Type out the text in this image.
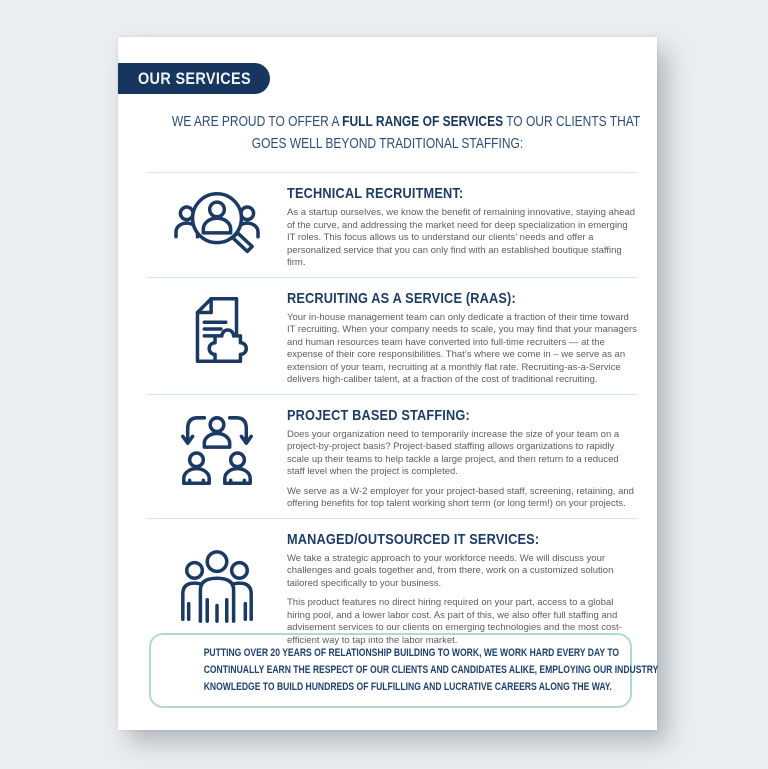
OUR SERVICES
WE ARE PROUD TO OFFER A FULL RANGE OF SERVICES TO OUR CLIENTS THAT
GOES WELL BEYOND TRADITIONAL STAFFING:
TECHNICAL RECRUITMENT:

As a startup ourselves, we know the benefit of remaining innovative, staying ahead of the curve, and addressing the market need for deep specialization in emerging IT roles. This focus allows us to understand our clients’ needs and offer a personalized service that you can only find with an established boutique staffing firm.

RECRUITING AS A SERVICE (RAAS):

Your in-house management team can only dedicate a fraction of their time toward IT recruiting. When your company needs to scale, you may find that your managers and human resources team have converted into full-time recruiters — at the expense of their core responsibilities. That’s where we come in – we serve as an extension of your team, recruiting at a monthly flat rate. Recruiting-as-a-Service delivers high-caliber talent, at a fraction of the cost of traditional recruiting.

PROJECT BASED STAFFING:

Does your organization need to temporarily increase the size of your team on a project-by-project basis? Project-based staffing allows organizations to rapidly scale up their teams to help tackle a large project, and then return to a reduced staff level when the project is completed.

We serve as a W-2 employer for your project-based staff, screening, retaining, and offering benefits for top talent working short term (or long term!) on your projects.

MANAGED/OUTSOURCED IT SERVICES:

We take a strategic approach to your workforce needs. We will discuss your challenges and goals together and, from there, work on a customized solution tailored specifically to your business.

This product features no direct hiring required on your part, access to a global hiring pool, and a lower labor cost. As part of this, we also offer full staffing and advisement services to our clients on emerging technologies and the most cost-efficient way to tap into the labor market.

PUTTING OVER 20 YEARS OF RELATIONSHIP BUILDING TO WORK, WE WORK HARD EVERY DAY TO
CONTINUALLY EARN THE RESPECT OF OUR CLIENTS AND CANDIDATES ALIKE, EMPLOYING OUR INDUSTRY
KNOWLEDGE TO BUILD HUNDREDS OF FULFILLING AND LUCRATIVE CAREERS ALONG THE WAY.
